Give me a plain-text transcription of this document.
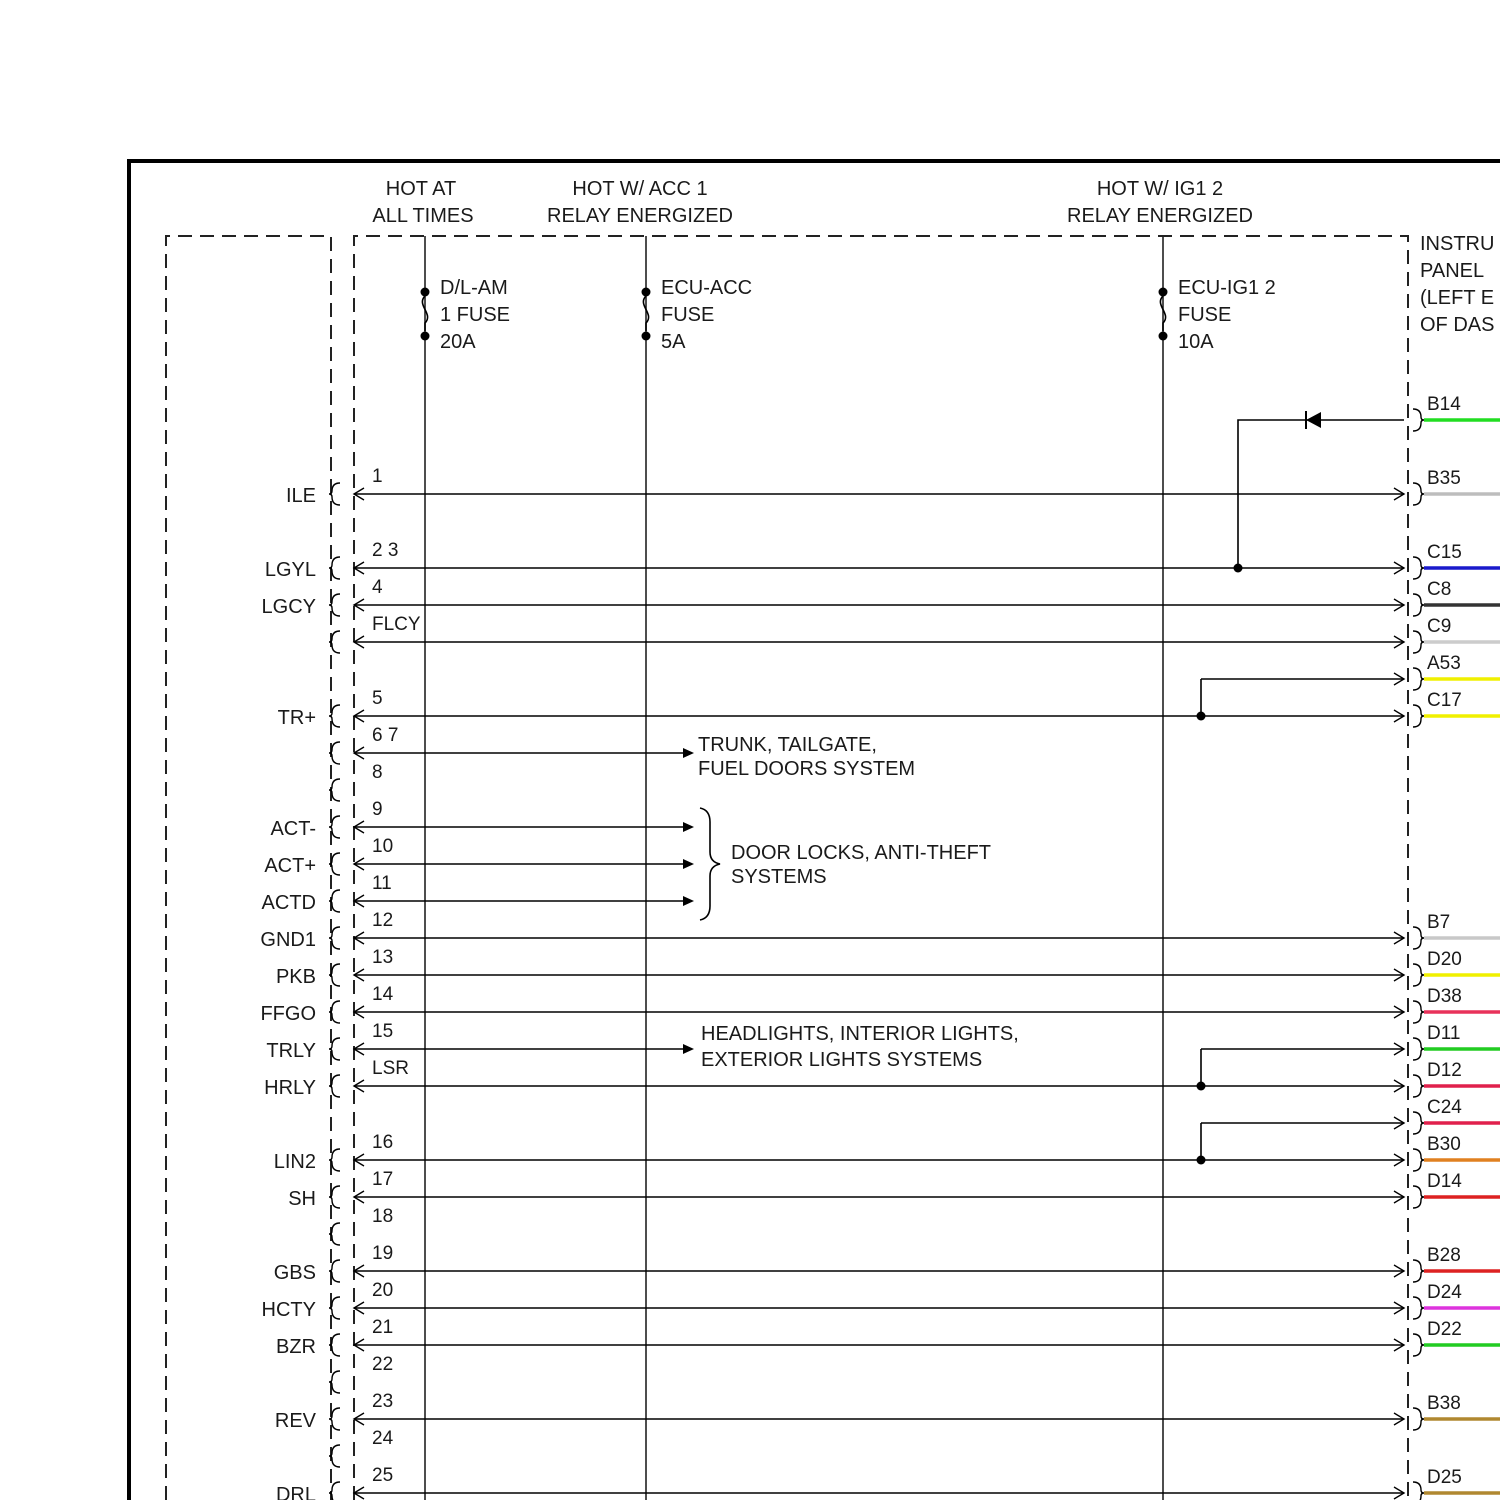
HOT AT
ALL TIMES
HOT W/ ACC 1
RELAY ENERGIZED
HOT W/ IG1 2
RELAY ENERGIZED
INSTRU
PANEL
(LEFT E
OF DAS
D/L-AM
1 FUSE
20A
ECU-ACC
FUSE
5A
ECU-IG1 2
FUSE
10A
TRUNK, TAILGATE,
FUEL DOORS SYSTEM
DOOR LOCKS, ANTI-THEFT
SYSTEMS
HEADLIGHTS, INTERIOR LIGHTS,
EXTERIOR LIGHTS SYSTEMS
B14
1
ILE
B35
2 3
LGYL
C15
4
LGCY
C8
FLCY	C9
A53
5
TR+
C17
6 7
8
9
ACT-
10
ACT+
11
ACTD
12
GND1
B7
13
PKB
D20
14
FFGO
D38
15
TRLY
D11
LSR
HRLY
D12
C24
16
LIN2
B30
17
SH
D14
18
19
GBS
B28
20
HCTY
D24
21
BZR
D22
22
23
REV
B38
24
25
DRL
D25
